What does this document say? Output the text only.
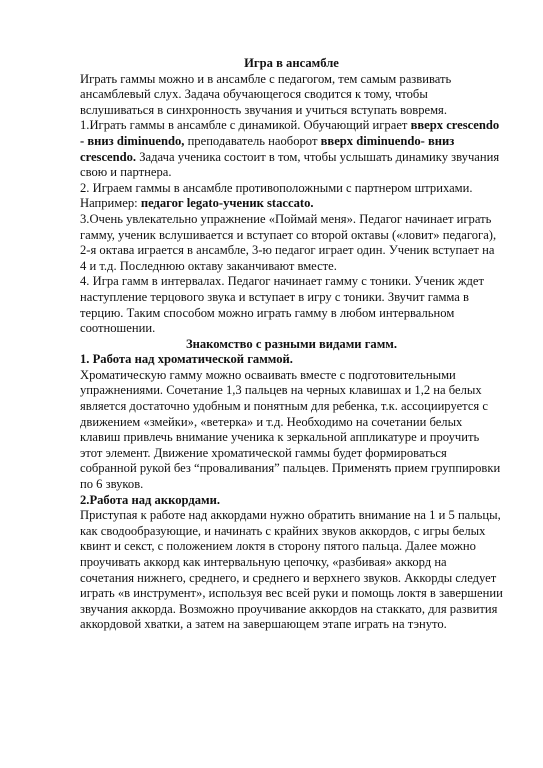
Игра в ансамбле

Играть гаммы можно и в ансамбле с педагогом, тем самым развивать ансамблевый слух. Задача обучающегося сводится к тому, чтобы вслушиваться в синхронность звучания и учиться вступать вовремя.

1.Играть гаммы в ансамбле с динамикой. Обучающий играет вверх crescendo - вниз diminuendo, преподаватель наоборот вверх diminuendo- вниз crescendo. Задача ученика состоит в том, чтобы услышать динамику звучания свою и партнера.

2. Играем гаммы в ансамбле противоположными с партнером штрихами. Например: педагог legato-ученик staccato.

3.Очень увлекательно упражнение «Поймай меня». Педагог начинает играть гамму, ученик вслушивается и вступает со второй октавы («ловит» педагога), 2-я октава играется в ансамбле, 3-ю педагог играет один. Ученик вступает на 4 и т.д. Последнюю октаву заканчивают вместе.

4. Игра гамм в интервалах. Педагог начинает гамму с тоники. Ученик ждет наступление терцового звука и вступает в игру с тоники. Звучит гамма в терцию. Таким способом можно играть гамму в любом интервальном соотношении.

Знакомство с разными видами гамм.

1. Работа над хроматической гаммой.

Хроматическую гамму можно осваивать вместе с подготовительными упражнениями. Сочетание 1,3 пальцев на черных клавишах и 1,2 на белых является достаточно удобным и понятным для ребенка, т.к. ассоциируется с движением «змейки», «ветерка» и т.д. Необходимо на сочетании белых клавиш привлечь внимание ученика к зеркальной аппликатуре и проучить этот элемент. Движение хроматической гаммы будет формироваться собранной рукой без “проваливания” пальцев. Применять прием группировки по 6 звуков.

2.Работа над аккордами.

Приступая к работе над аккордами нужно обратить внимание на 1 и 5 пальцы, как сводообразующие, и начинать с крайних звуков аккордов, с игры белых квинт и секст, с положением локтя в сторону пятого пальца. Далее можно проучивать аккорд как интервальную цепочку, «разбивая» аккорд на сочетания нижнего, среднего, и среднего и верхнего звуков. Аккорды следует играть «в инструмент», используя вес всей руки и помощь локтя в завершении звучания аккорда. Возможно проучивание аккордов на стаккато, для развития аккордовой хватки, а затем на завершающем этапе играть на тэнуто.
